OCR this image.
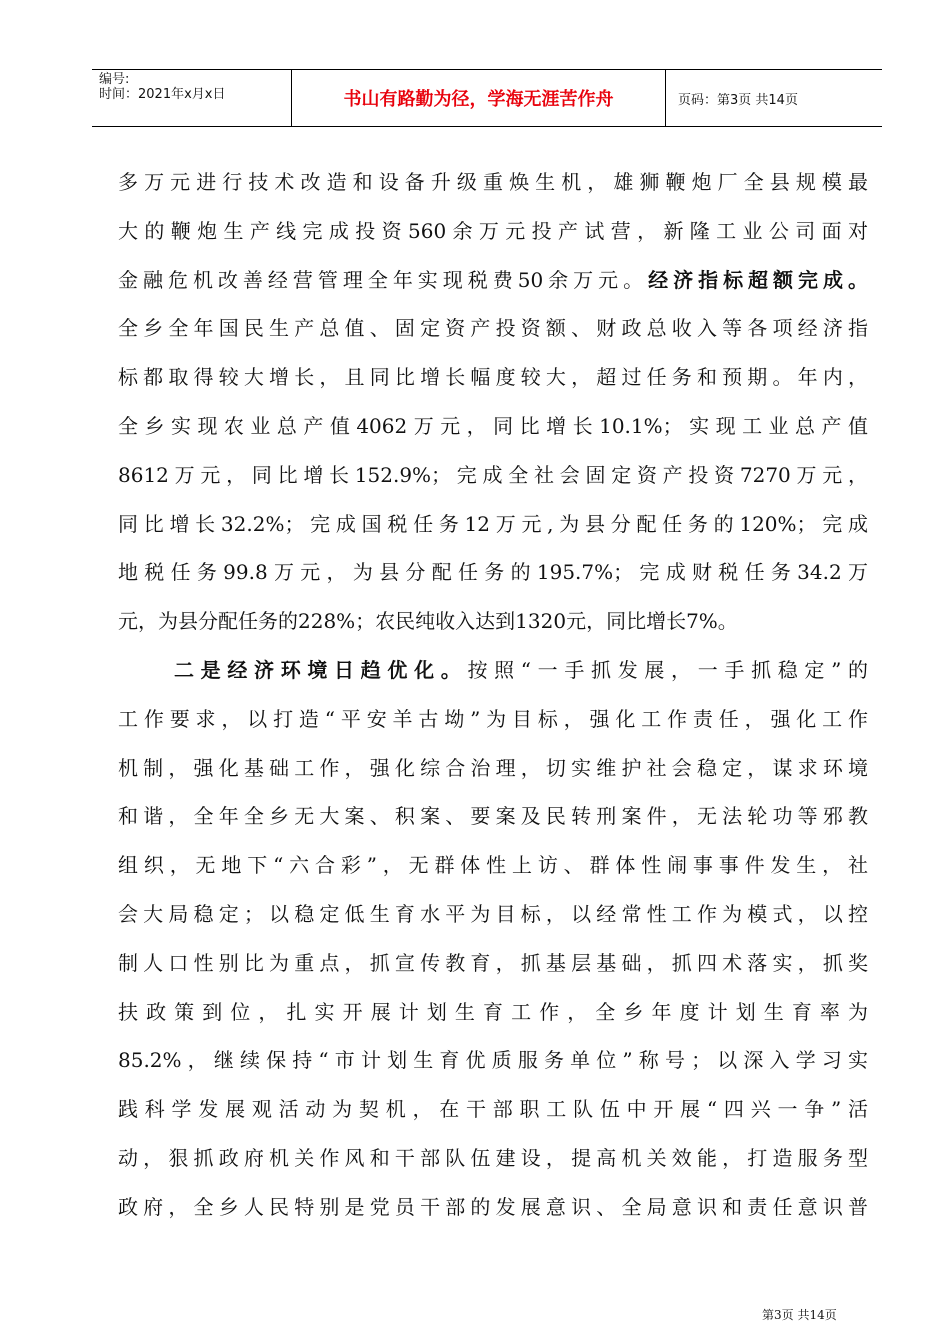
编号:
时间：2021年x月x日	书山有路勤为径，学海无涯苦作舟	页码：第3页 共14页
多万元进行技术改造和设备升级重焕生机，雄狮鞭炮厂全县规模最
大的鞭炮生产线完成投资560余万元投产试营，新隆工业公司面对
金融危机改善经营管理全年实现税费50余万元。经济指标超额完成。
全乡全年国民生产总值、固定资产投资额、财政总收入等各项经济指
标都取得较大增长，且同比增长幅度较大，超过任务和预期。年内，
全乡实现农业总产值4062万元，同比增长10.1%；实现工业总产值
8612万元，同比增长152.9%；完成全社会固定资产投资7270万元，
同比增长32.2%；完成国税任务12万元,为县分配任务的120%；完成
地税任务99.8万元，为县分配任务的195.7%；完成财税任务34.2万
元，为县分配任务的228%；农民纯收入达到1320元，同比增长7%。
二是经济环境日趋优化。按照“一手抓发展，一手抓稳定”的
工作要求，以打造“平安羊古坳”为目标，强化工作责任，强化工作
机制，强化基础工作，强化综合治理，切实维护社会稳定，谋求环境
和谐，全年全乡无大案、积案、要案及民转刑案件，无法轮功等邪教
组织，无地下“六合彩”，无群体性上访、群体性闹事事件发生，社
会大局稳定；以稳定低生育水平为目标，以经常性工作为模式，以控
制人口性别比为重点，抓宣传教育，抓基层基础，抓四术落实，抓奖
扶政策到位，扎实开展计划生育工作，全乡年度计划生育率为
85.2%，继续保持“市计划生育优质服务单位”称号；以深入学习实
践科学发展观活动为契机，在干部职工队伍中开展“四兴一争”活
动，狠抓政府机关作风和干部队伍建设，提高机关效能，打造服务型
政府，全乡人民特别是党员干部的发展意识、全局意识和责任意识普
第3页 共14页
